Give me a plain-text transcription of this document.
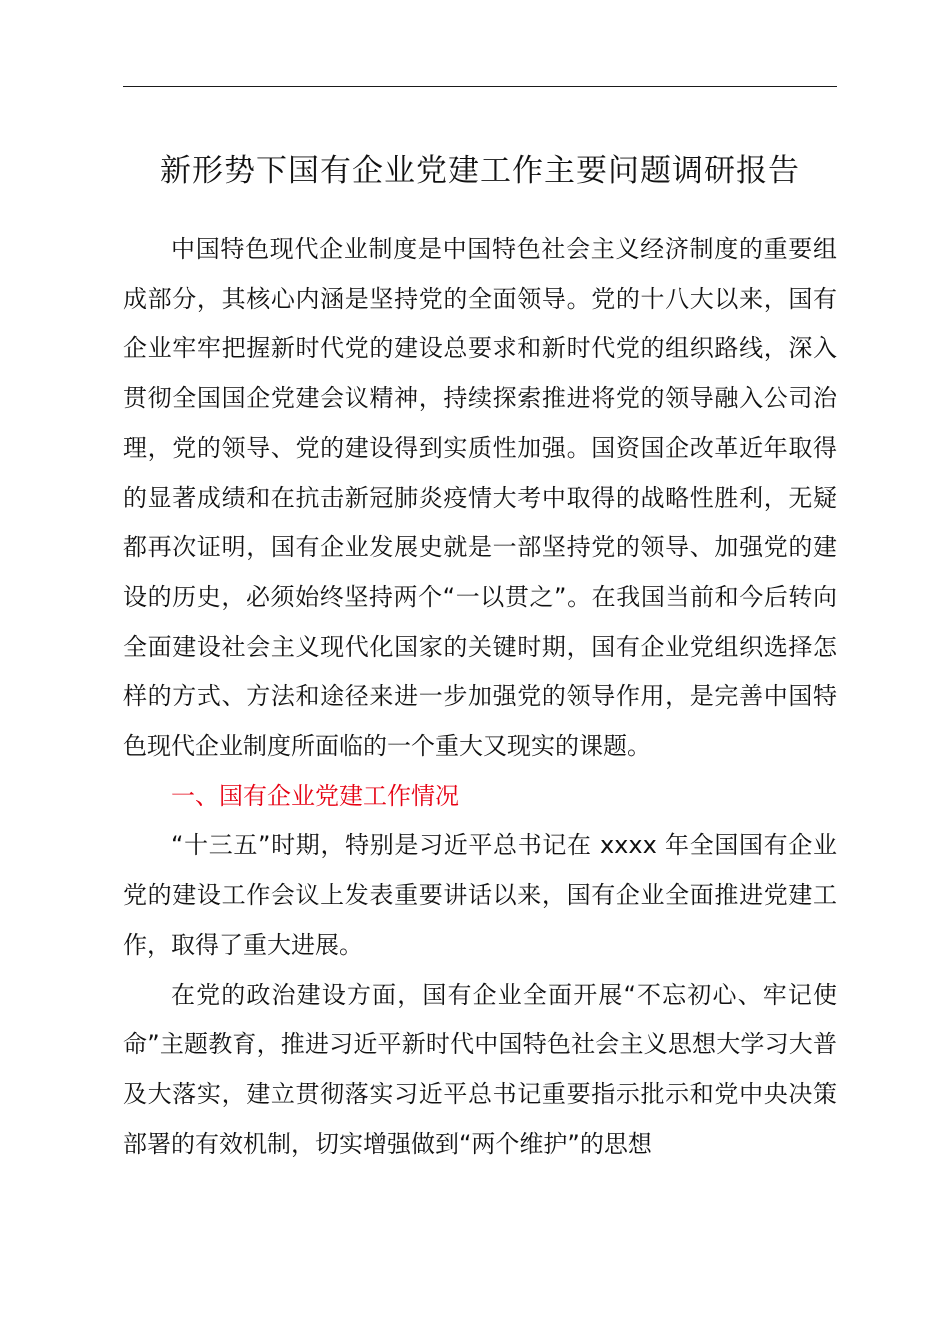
新形势下国有企业党建工作主要问题调研报告

中国特色现代企业制度是中国特色社会主义经济制度的重要组成部分，其核心内涵是坚持党的全面领导。党的十八大以来，国有企业牢牢把握新时代党的建设总要求和新时代党的组织路线，深入贯彻全国国企党建会议精神，持续探索推进将党的领导融入公司治理，党的领导、党的建设得到实质性加强。国资国企改革近年取得的显著成绩和在抗击新冠肺炎疫情大考中取得的战略性胜利，无疑都再次证明，国有企业发展史就是一部坚持党的领导、加强党的建设的历史，必须始终坚持两个“一以贯之”。在我国当前和今后转向全面建设社会主义现代化国家的关键时期，国有企业党组织选择怎样的方式、方法和途径来进一步加强党的领导作用，是完善中国特色现代企业制度所面临的一个重大又现实的课题。

一、国有企业党建工作情况

“十三五”时期，特别是习近平总书记在 xxxx 年全国国有企业党的建设工作会议上发表重要讲话以来，国有企业全面推进党建工作，取得了重大进展。

在党的政治建设方面，国有企业全面开展“不忘初心、牢记使命”主题教育，推进习近平新时代中国特色社会主义思想大学习大普及大落实，建立贯彻落实习近平总书记重要指示批示和党中央决策部署的有效机制，切实增强做到“两个维护”的思想
